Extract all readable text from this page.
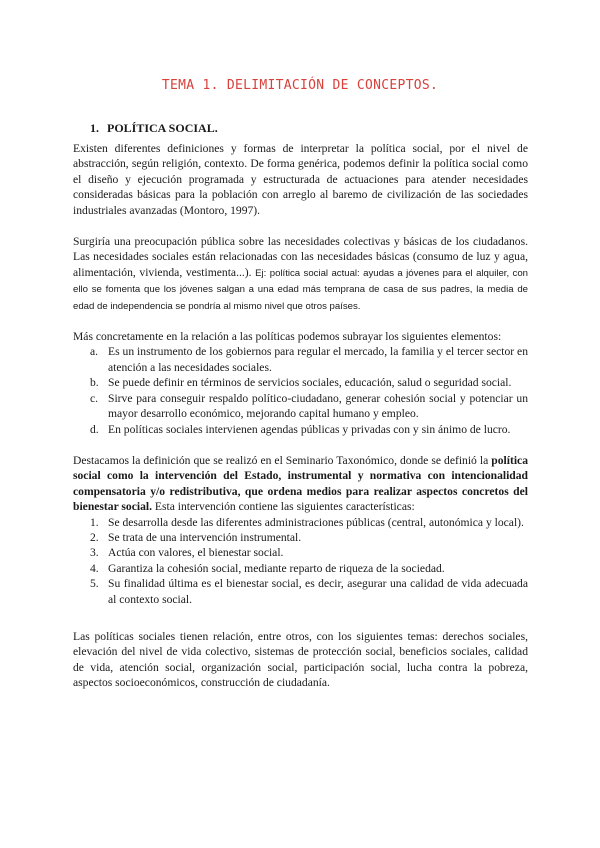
TEMA 1. DELIMITACIÓN DE CONCEPTOS.
1. POLÍTICA SOCIAL.

Existen diferentes definiciones y formas de interpretar la política social, por el nivel de abstracción, según religión, contexto. De forma genérica, podemos definir la política social como el diseño y ejecución programada y estructurada de actuaciones para atender necesidades consideradas básicas para la población con arreglo al baremo de civilización de las sociedades industriales avanzadas (Montoro, 1997).

Surgiría una preocupación pública sobre las necesidades colectivas y básicas de los ciudadanos. Las necesidades sociales están relacionadas con las necesidades básicas (consumo de luz y agua, alimentación, vivienda, vestimenta...). Ej: política social actual: ayudas a jóvenes para el alquiler, con ello se fomenta que los jóvenes salgan a una edad más temprana de casa de sus padres, la media de edad de independencia se pondría al mismo nivel que otros países.

Más concretamente en la relación a las políticas podemos subrayar los siguientes elementos:

a. Es un instrumento de los gobiernos para regular el mercado, la familia y el tercer sector en atención a las necesidades sociales.
b. Se puede definir en términos de servicios sociales, educación, salud o seguridad social.
c. Sirve para conseguir respaldo político-ciudadano, generar cohesión social y potenciar un mayor desarrollo económico, mejorando capital humano y empleo.
d. En políticas sociales intervienen agendas públicas y privadas con y sin ánimo de lucro.

Destacamos la definición que se realizó en el Seminario Taxonómico, donde se definió la política social como la intervención del Estado, instrumental y normativa con intencionalidad compensatoria y/o redistributiva, que ordena medios para realizar aspectos concretos del bienestar social. Esta intervención contiene las siguientes características:

1. Se desarrolla desde las diferentes administraciones públicas (central, autonómica y local).
2. Se trata de una intervención instrumental.
3. Actúa con valores, el bienestar social.
4. Garantiza la cohesión social, mediante reparto de riqueza de la sociedad.
5. Su finalidad última es el bienestar social, es decir, asegurar una calidad de vida adecuada al contexto social.

Las políticas sociales tienen relación, entre otros, con los siguientes temas: derechos sociales, elevación del nivel de vida colectivo, sistemas de protección social, beneficios sociales, calidad de vida, atención social, organización social, participación social, lucha contra la pobreza, aspectos socioeconómicos, construcción de ciudadanía.
